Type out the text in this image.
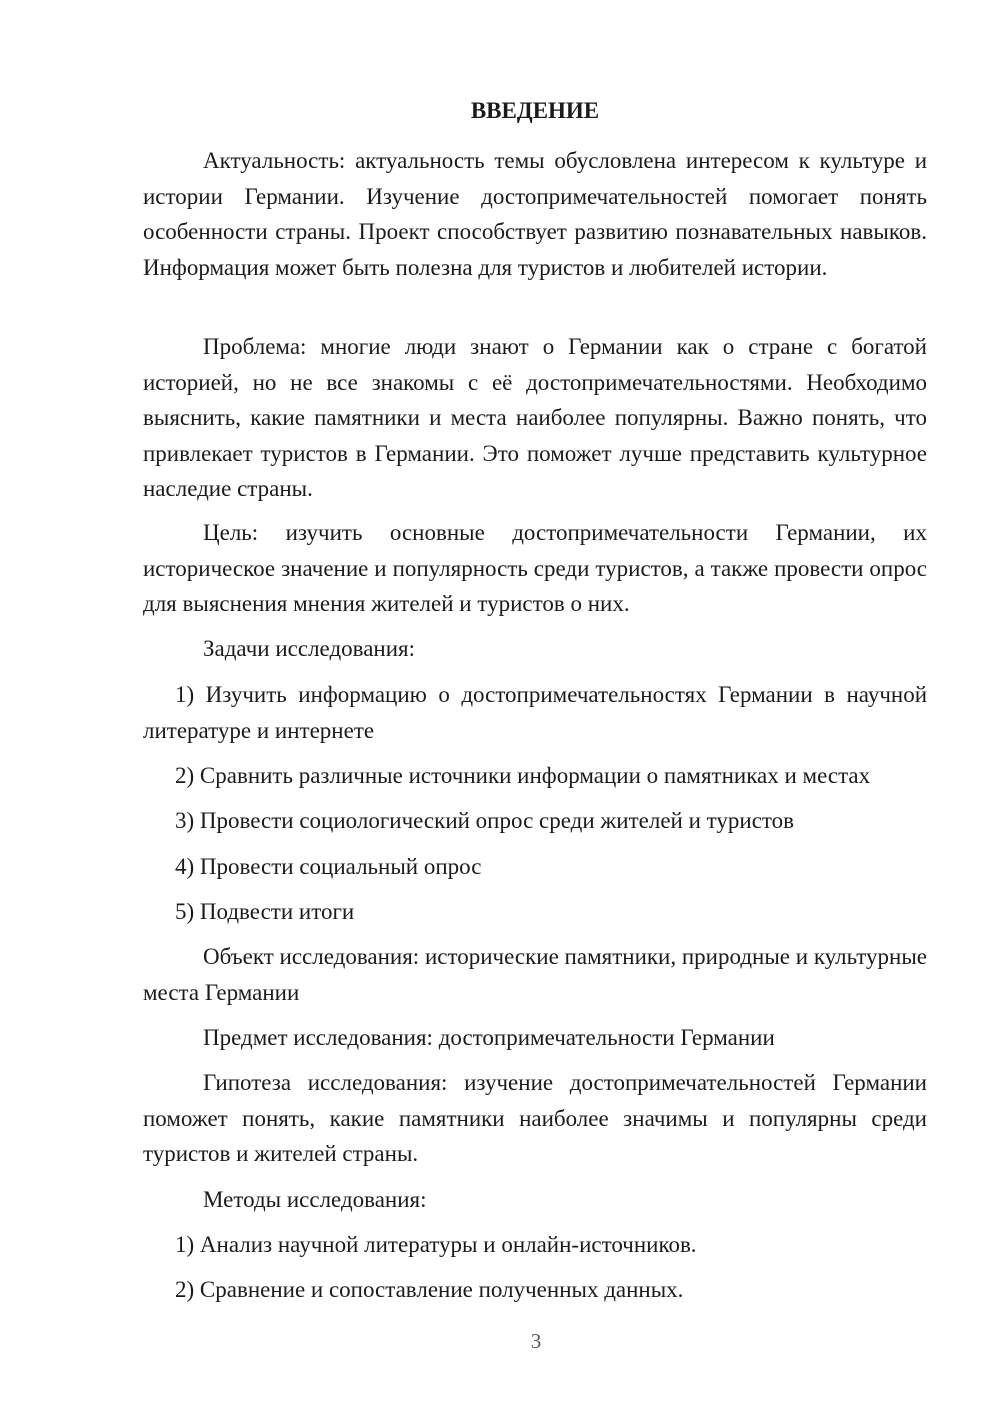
ВВЕДЕНИЕ

Актуальность: актуальность темы обусловлена интересом к культуре и истории Германии. Изучение достопримечательностей помогает понять особенности страны. Проект способствует развитию познавательных навыков. Информация может быть полезна для туристов и любителей истории.

Проблема: многие люди знают о Германии как о стране с богатой историей, но не все знакомы с её достопримечательностями. Необходимо выяснить, какие памятники и места наиболее популярны. Важно понять, что привлекает туристов в Германии. Это поможет лучше представить культурное наследие страны.

Цель: изучить основные достопримечательности Германии, их историческое значение и популярность среди туристов, а также провести опрос для выяснения мнения жителей и туристов о них.

Задачи исследования:

1) Изучить информацию о достопримечательностях Германии в научной литературе и интернете

2) Сравнить различные источники информации о памятниках и местах

3) Провести социологический опрос среди жителей и туристов

4) Провести социальный опрос

5) Подвести итоги

Объект исследования: исторические памятники, природные и культурные места Германии

Предмет исследования: достопримечательности Германии

Гипотеза исследования: изучение достопримечательностей Германии поможет понять, какие памятники наиболее значимы и популярны среди туристов и жителей страны.

Методы исследования:

1) Анализ научной литературы и онлайн-источников.

2) Сравнение и сопоставление полученных данных.

3
